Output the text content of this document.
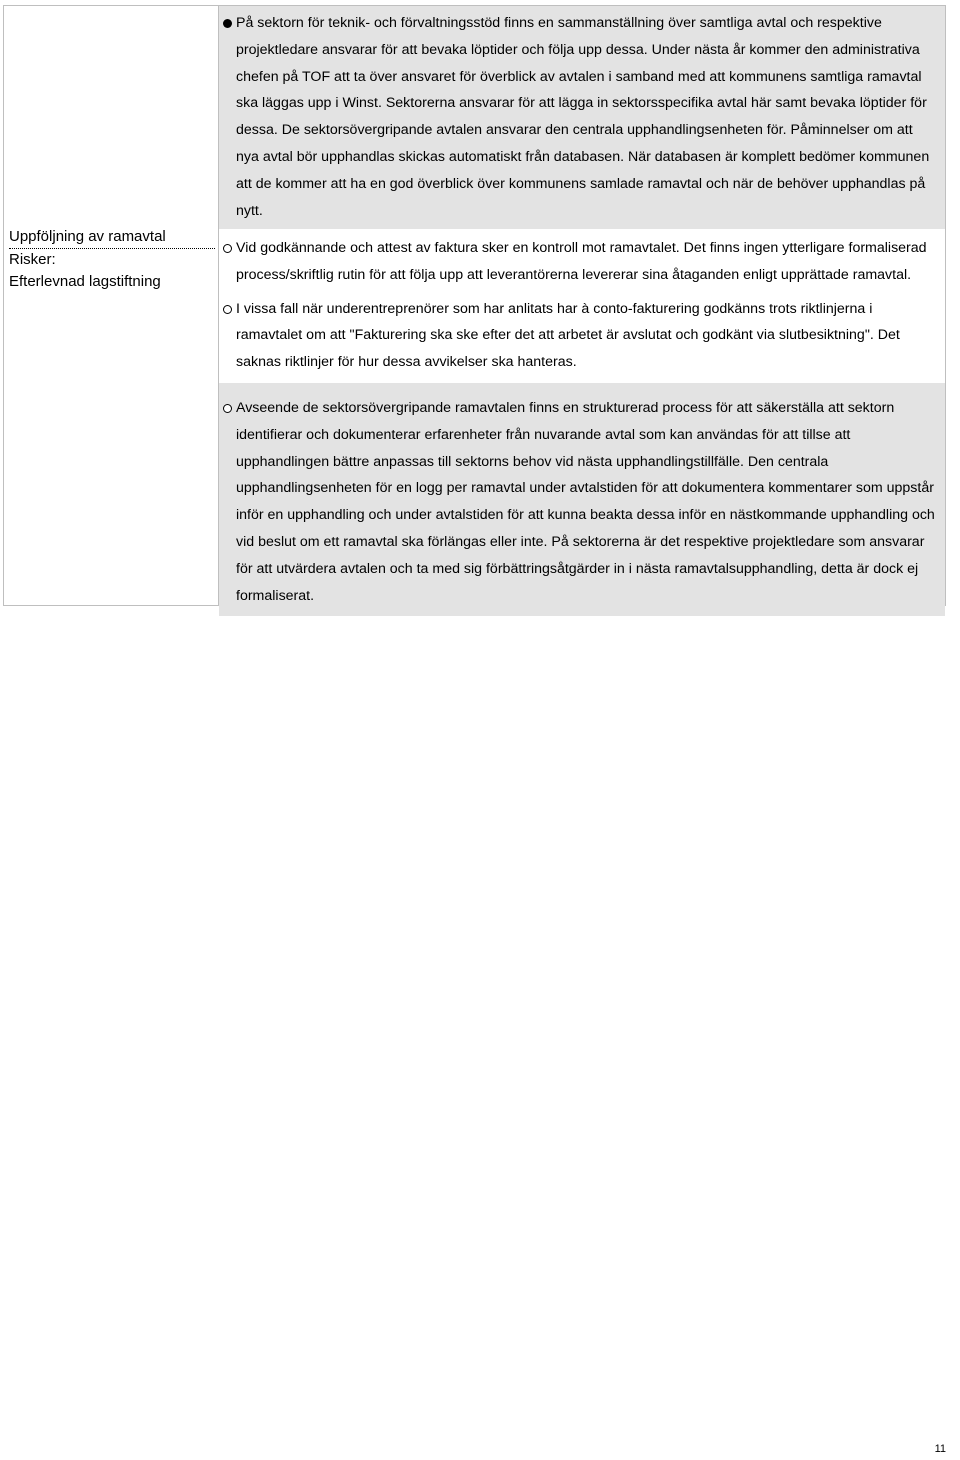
Uppföljning av ramavtal
Risker:
Efterlevnad lagstiftning
På sektorn för teknik- och förvaltningsstöd finns en sammanställning över samtliga avtal och respektive projektledare ansvarar för att bevaka löptider och följa upp dessa. Under nästa år kommer den administrativa chefen på TOF att ta över ansvaret för överblick av avtalen i samband med att kommunens samtliga ramavtal ska läggas upp i Winst. Sektorerna ansvarar för att lägga in sektorsspecifika avtal här samt bevaka löptider för dessa. De sektorsövergripande avtalen ansvarar den centrala upphandlingsenheten för. Påminnelser om att nya avtal bör upphandlas skickas automatiskt från databasen. När databasen är komplett bedömer kommunen att de kommer att ha en god överblick över kommunens samlade ramavtal och när de behöver upphandlas på nytt.
Vid godkännande och attest av faktura sker en kontroll mot ramavtalet. Det finns ingen ytterligare formaliserad process/skriftlig rutin för att följa upp att leverantörerna levererar sina åtaganden enligt upprättade ramavtal.
I vissa fall när underentreprenörer som har anlitats har à conto-fakturering godkänns trots riktlinjerna i ramavtalet om att "Fakturering ska ske efter det att arbetet är avslutat och godkänt via slutbesiktning". Det saknas riktlinjer för hur dessa avvikelser ska hanteras.
Avseende de sektorsövergripande ramavtalen finns en strukturerad process för att säkerställa att sektorn identifierar och dokumenterar erfarenheter från nuvarande avtal som kan användas för att tillse att upphandlingen bättre anpassas till sektorns behov vid nästa upphandlingstillfälle. Den centrala upphandlingsenheten för en logg per ramavtal under avtalstiden för att dokumentera kommentarer som uppstår inför en upphandling och under avtalstiden för att kunna beakta dessa inför en nästkommande upphandling och vid beslut om ett ramavtal ska förlängas eller inte. På sektorerna är det respektive projektledare som ansvarar för att utvärdera avtalen och ta med sig förbättringsåtgärder in i nästa ramavtalsupphandling, detta är dock ej formaliserat.
11
